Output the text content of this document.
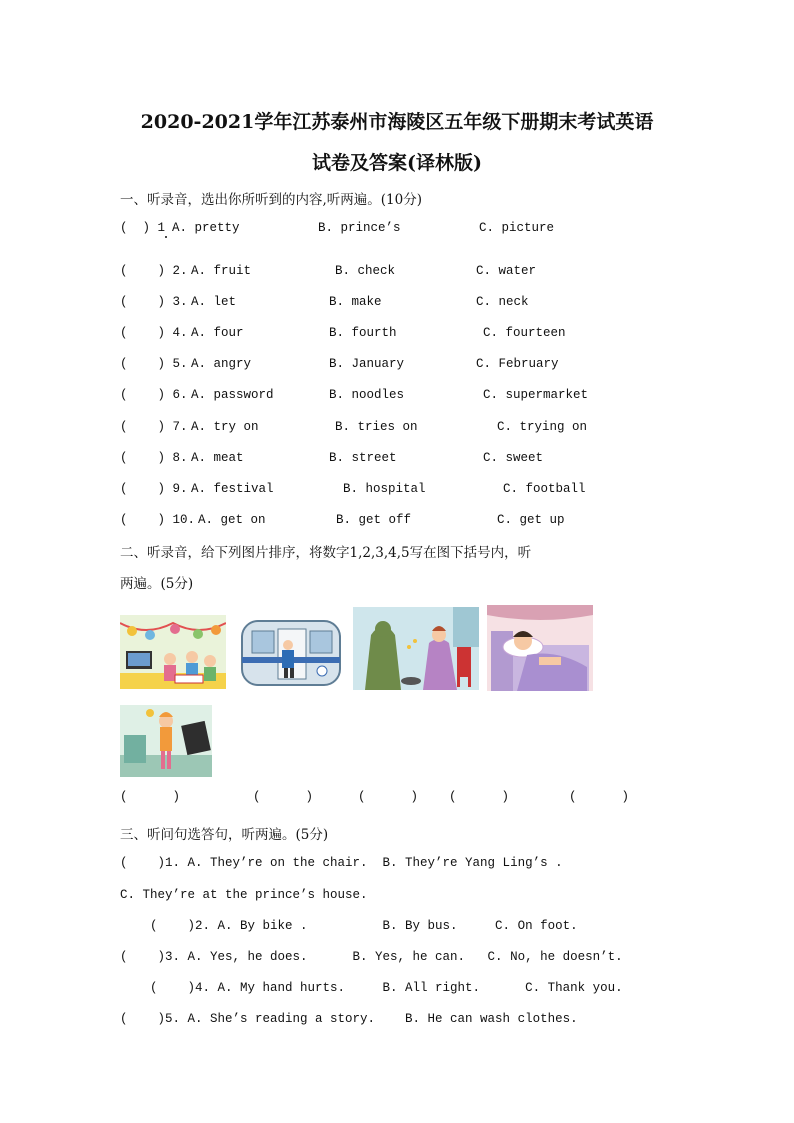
2020-2021学年江苏泰州市海陵区五年级下册期末考试英语
试卷及答案(译林版)
一、听录音，选出你所听到的内容,听两遍。(10分)
(  ) 1 A. pretty	B. prince’s	C. picture
(    ) 2. A. fruit	B. check	C. water
(    ) 3. A. let	B. make	C. neck
(    ) 4. A. four	B. fourth	C. fourteen
(    ) 5. A. angry	B. January	C. February
(    ) 6. A. password	B. noodles	C. supermarket
(    ) 7. A. try on	B. tries on	C. trying on
(    ) 8. A. meat	B. street	C. sweet
(    ) 9. A. festival	B. hospital	C. football
(    ) 10. A. get on	B. get off	C. get up
二、听录音，给下列图片排序，将数字1,2,3,4,5写在图下括号内，听
两遍。(5分)
(      )	(      )	(      ) (      )	(      )
三、听问句选答句，听两遍。(5分)
(    )1. A. They’re on the chair.  B. They’re Yang Ling’s .
C. They’re at the prince’s house.
(    )2. A. By bike .          B. By bus.     C. On foot.
(    )3. A. Yes, he does.      B. Yes, he can.   C. No, he doesn’t.
(    )4. A. My hand hurts.     B. All right.      C. Thank you.
(    )5. A. She’s reading a story.    B. He can wash clothes.
